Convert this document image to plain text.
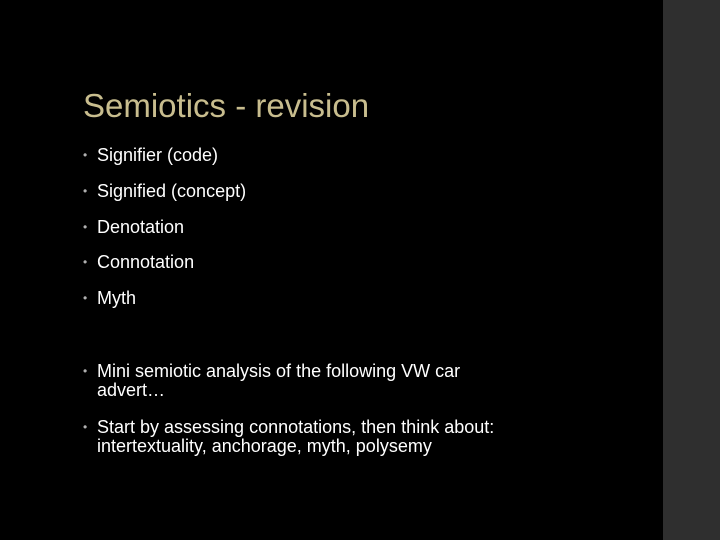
Semiotics - revision
• Signifier (code)
• Signified (concept)
• Denotation
• Connotation
• Myth
• Mini semiotic analysis of the following VW car advert…
• Start by assessing connotations, then think about: intertextuality, anchorage, myth, polysemy
